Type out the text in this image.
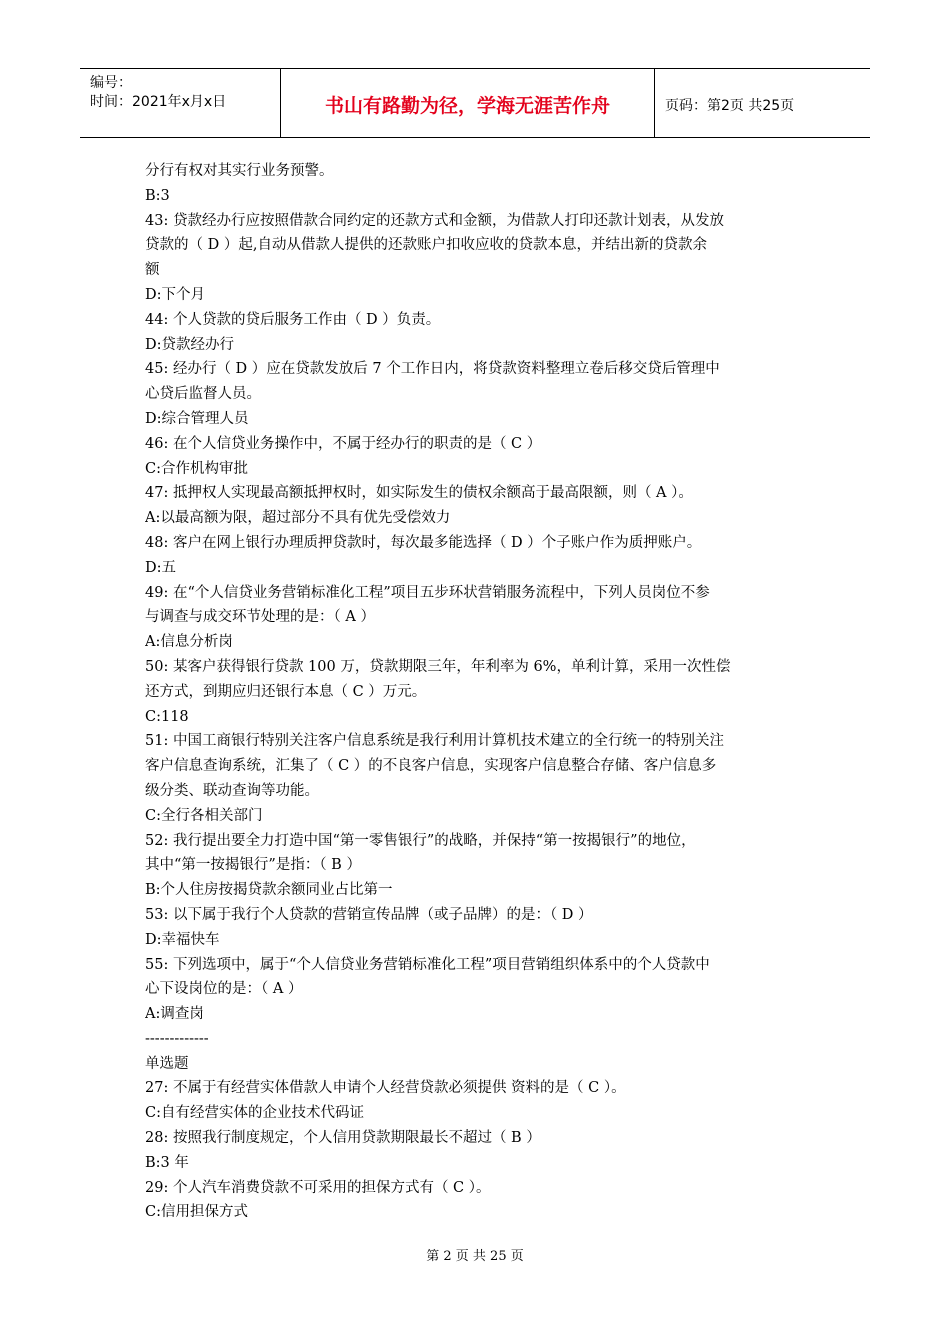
编号：
时间：2021年x月x日	书山有路勤为径，学海无涯苦作舟	页码：第2页 共25页
分行有权对其实行业务预警。
B:3
43: 贷款经办行应按照借款合同约定的还款方式和金额，为借款人打印还款计划表，从发放
贷款的（ D ）起,自动从借款人提供的还款账户扣收应收的贷款本息，并结出新的贷款余
额
D:下个月
44: 个人贷款的贷后服务工作由（ D ）负责。
D:贷款经办行
45: 经办行（ D ）应在贷款发放后 7 个工作日内，将贷款资料整理立卷后移交贷后管理中
心贷后监督人员。
D:综合管理人员
46: 在个人信贷业务操作中，不属于经办行的职责的是（ C ）
C:合作机构审批
47: 抵押权人实现最高额抵押权时，如实际发生的债权余额高于最高限额，则（ A ）。
A:以最高额为限，超过部分不具有优先受偿效力
48: 客户在网上银行办理质押贷款时，每次最多能选择（ D ）个子账户作为质押账户。
D:五
49: 在“个人信贷业务营销标准化工程”项目五步环状营销服务流程中，下列人员岗位不参
与调查与成交环节处理的是：（ A ）
A:信息分析岗
50: 某客户获得银行贷款 100 万，贷款期限三年，年利率为 6%，单利计算，采用一次性偿
还方式，到期应归还银行本息（ C ）万元。
C:118
51: 中国工商银行特别关注客户信息系统是我行利用计算机技术建立的全行统一的特别关注
客户信息查询系统，汇集了（ C ）的不良客户信息，实现客户信息整合存储、客户信息多
级分类、联动查询等功能。
C:全行各相关部门
52: 我行提出要全力打造中国“第一零售银行”的战略，并保持“第一按揭银行”的地位，
其中“第一按揭银行”是指：（ B ）
B:个人住房按揭贷款余额同业占比第一
53: 以下属于我行个人贷款的营销宣传品牌（或子品牌）的是：（ D ）
D:幸福快车
55: 下列选项中，属于“个人信贷业务营销标准化工程”项目营销组织体系中的个人贷款中
心下设岗位的是：（ A ）
A:调查岗
-------------
单选题
27: 不属于有经营实体借款人申请个人经营贷款必须提供 资料的是（ C ）。
C:自有经营实体的企业技术代码证
28: 按照我行制度规定，个人信用贷款期限最长不超过（ B ）
B:3 年
29: 个人汽车消费贷款不可采用的担保方式有（ C ）。
C:信用担保方式
第 2 页 共 25 页
